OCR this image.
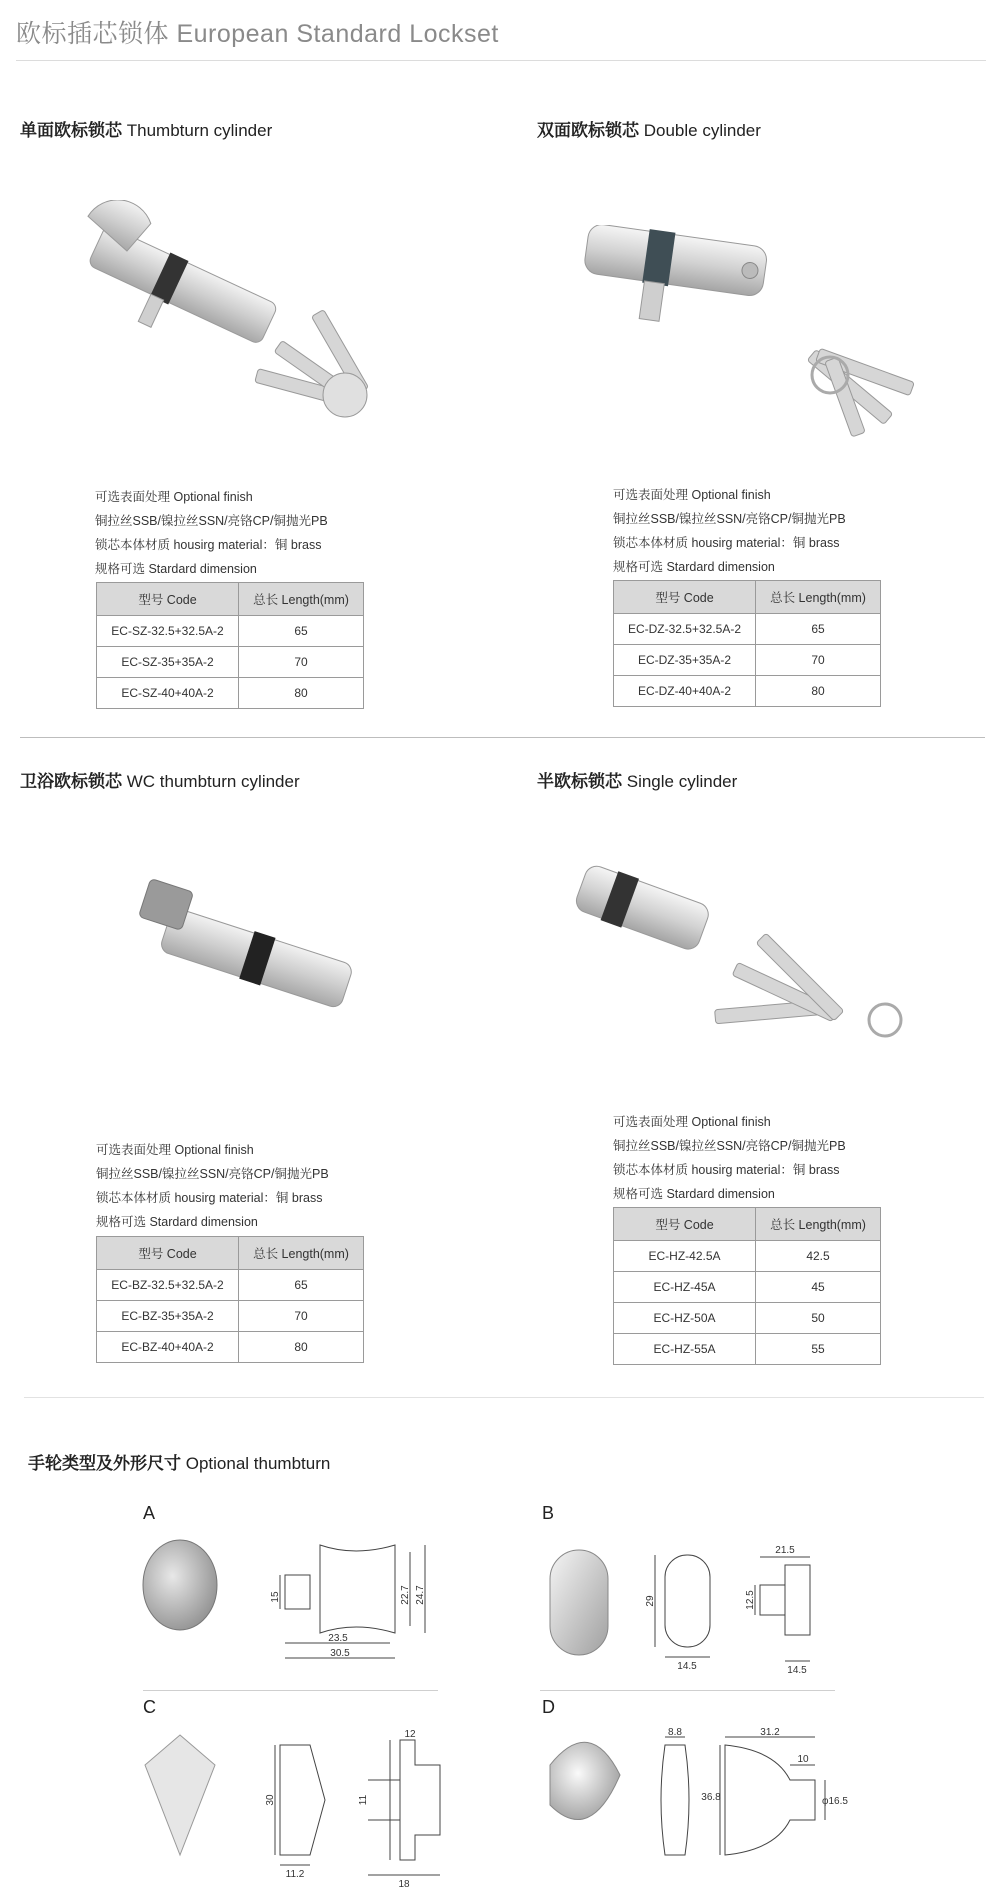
欧标插芯锁体 European Standard Lockset
单面欧标锁芯 Thumbturn cylinder
可选表面处理 Optional finish
铜拉丝SSB/镍拉丝SSN/亮铬CP/铜抛光PB
锁芯本体材质 housirg material：铜 brass
规格可选 Stardard dimension
型号 Code	总长 Length(mm)
EC-SZ-32.5+32.5A-2	65
EC-SZ-35+35A-2	70
EC-SZ-40+40A-2	80
双面欧标锁芯 Double cylinder
可选表面处理 Optional finish
铜拉丝SSB/镍拉丝SSN/亮铬CP/铜抛光PB
锁芯本体材质 housirg material：铜 brass
规格可选 Stardard dimension
型号 Code	总长 Length(mm)
EC-DZ-32.5+32.5A-2	65
EC-DZ-35+35A-2	70
EC-DZ-40+40A-2	80
卫浴欧标锁芯 WC thumbturn cylinder
可选表面处理 Optional finish
铜拉丝SSB/镍拉丝SSN/亮铬CP/铜抛光PB
锁芯本体材质 housirg material：铜 brass
规格可选 Stardard dimension
型号 Code	总长 Length(mm)
EC-BZ-32.5+32.5A-2	65
EC-BZ-35+35A-2	70
EC-BZ-40+40A-2	80
半欧标锁芯 Single cylinder
可选表面处理 Optional finish
铜拉丝SSB/镍拉丝SSN/亮铬CP/铜抛光PB
锁芯本体材质 housirg material：铜 brass
规格可选 Stardard dimension
型号 Code	总长 Length(mm)
EC-HZ-42.5A	42.5
EC-HZ-45A	45
EC-HZ-50A	50
EC-HZ-55A	55
手轮类型及外形尺寸 Optional thumbturn
A
15
23.5
30.5
22.7 24.7
B
29
14.5
21.5
12.5
14.5
C
30
11.2
12
11
18
D
8.8
36.8
31.2
10
φ16.5
